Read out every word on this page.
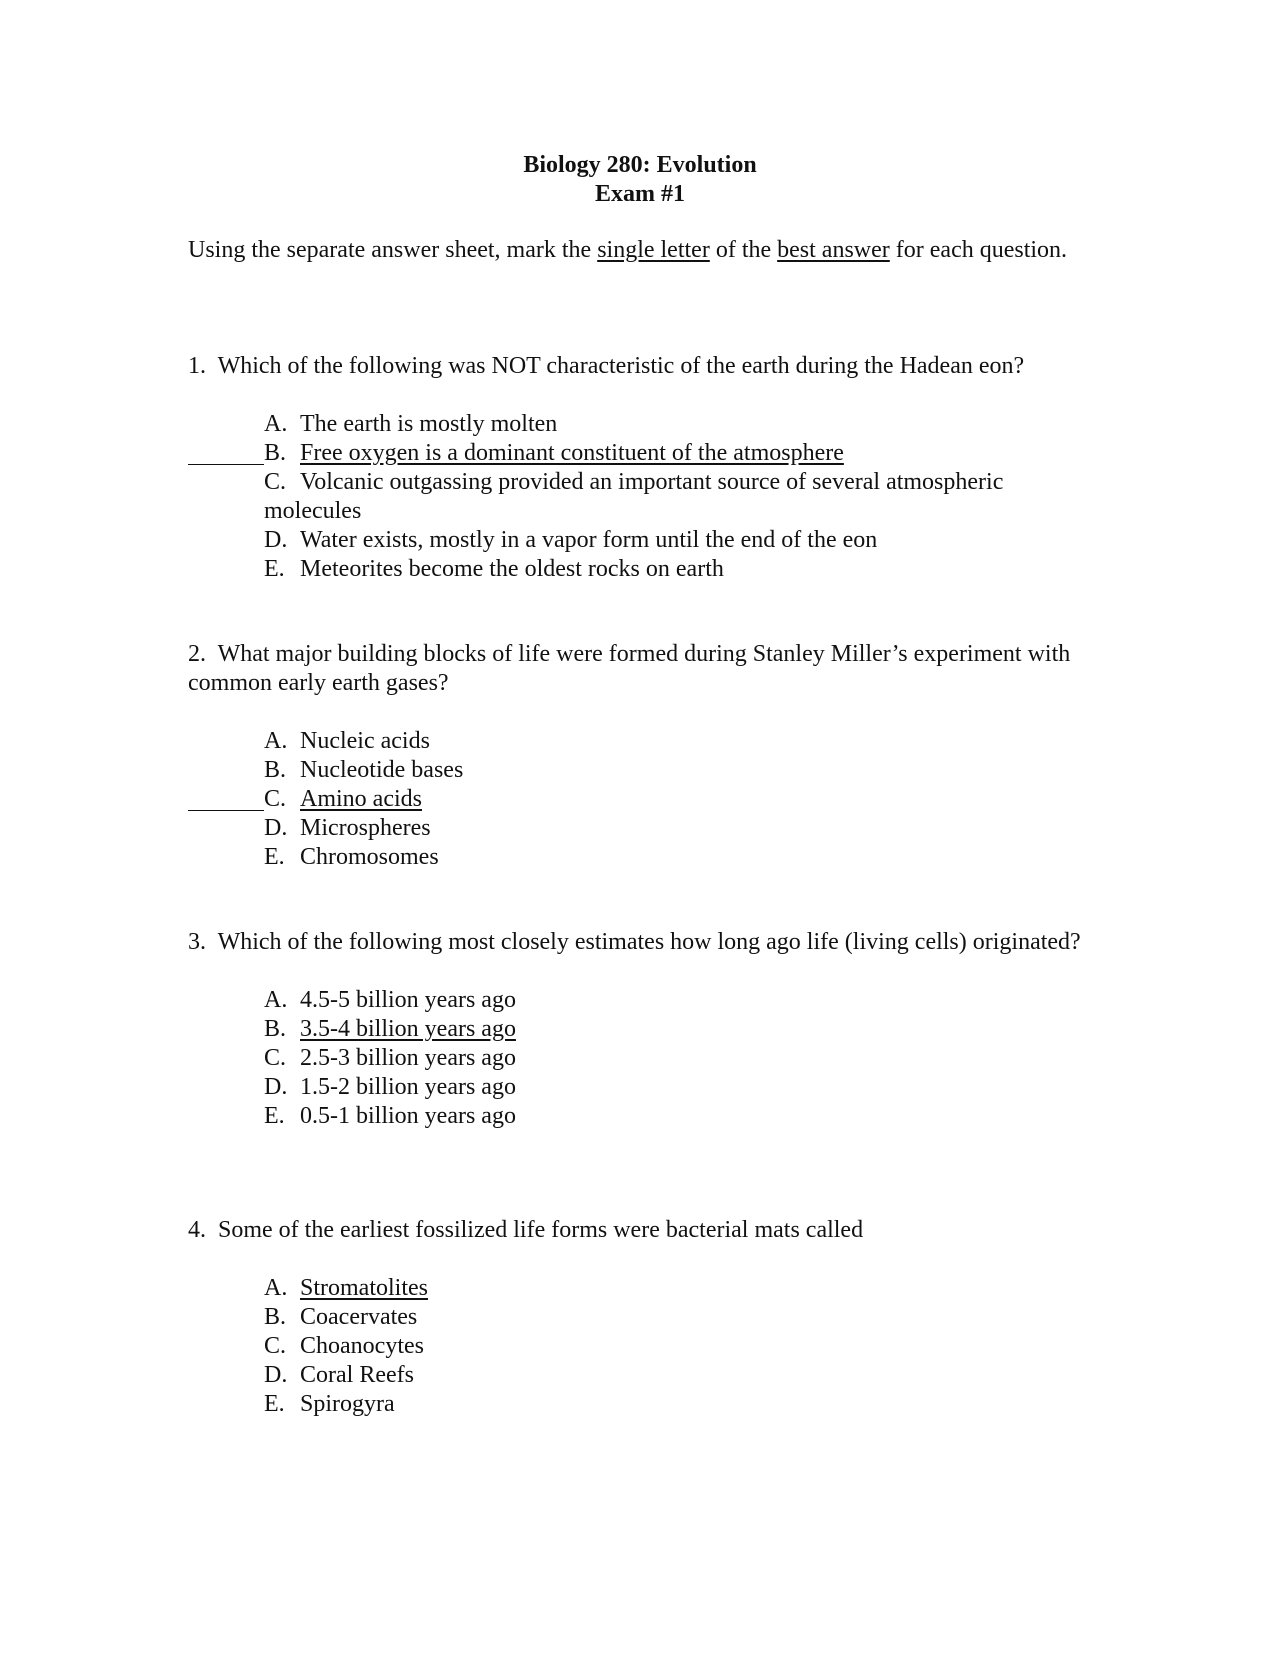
Biology 280: Evolution
Exam #1

Using the separate answer sheet, mark the single letter of the best answer for each question.

1. Which of the following was NOT characteristic of the earth during the Hadean eon?

A. The earth is mostly molten
B. Free oxygen is a dominant constituent of the atmosphere
C. Volcanic outgassing provided an important source of several atmospheric molecules
D. Water exists, mostly in a vapor form until the end of the eon
E. Meteorites become the oldest rocks on earth

2. What major building blocks of life were formed during Stanley Miller’s experiment with common early earth gases?

A. Nucleic acids
B. Nucleotide bases
C. Amino acids
D. Microspheres
E. Chromosomes

3. Which of the following most closely estimates how long ago life (living cells) originated?

A. 4.5-5 billion years ago
B. 3.5-4 billion years ago
C. 2.5-3 billion years ago
D. 1.5-2 billion years ago
E. 0.5-1 billion years ago

4. Some of the earliest fossilized life forms were bacterial mats called

A. Stromatolites
B. Coacervates
C. Choanocytes
D. Coral Reefs
E. Spirogyra
